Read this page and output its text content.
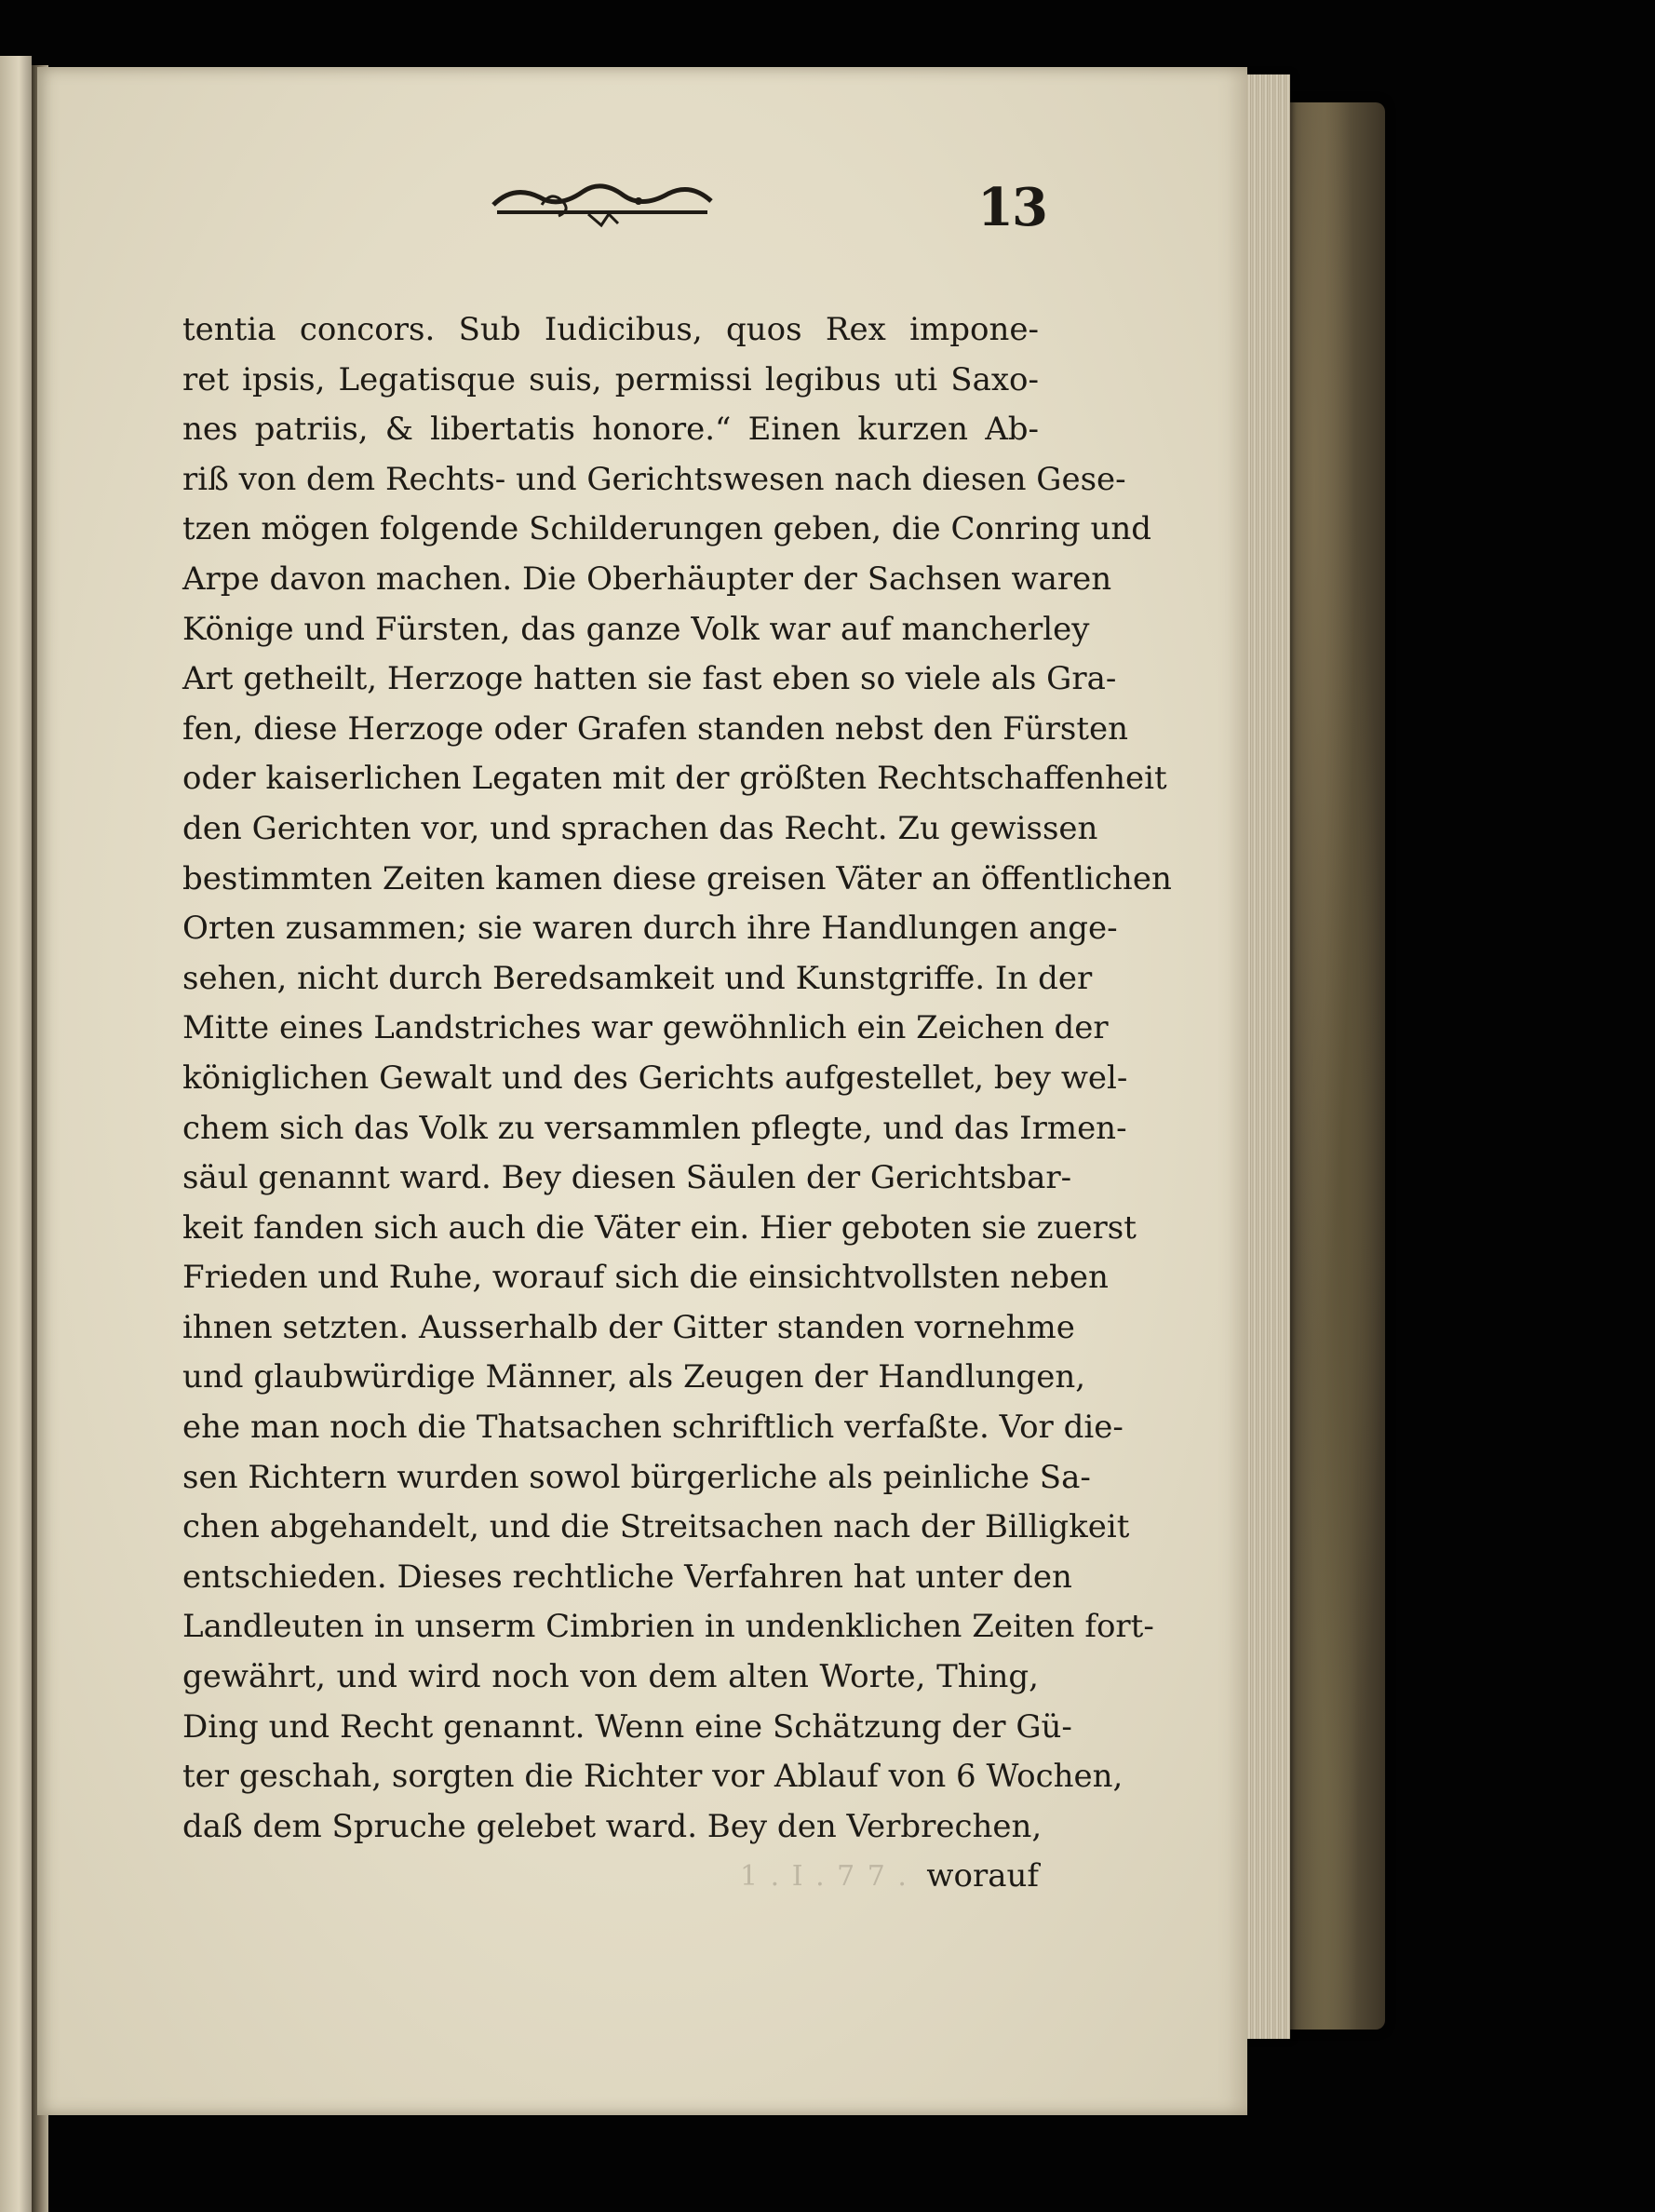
13
tentia concors. Sub Iudicibus, quos Rex impone-
ret ipsis, Legatisque suis, permissi legibus uti Saxo-
nes patriis, & libertatis honore.“ Einen kurzen Ab-
riß von dem Rechts- und Gerichtswesen nach diesen Gese-
tzen mögen folgende Schilderungen geben, die Conring und
Arpe davon machen. Die Oberhäupter der Sachsen waren
Könige und Fürsten, das ganze Volk war auf mancherley
Art getheilt, Herzoge hatten sie fast eben so viele als Gra-
fen, diese Herzoge oder Grafen standen nebst den Fürsten
oder kaiserlichen Legaten mit der größten Rechtschaffenheit
den Gerichten vor, und sprachen das Recht. Zu gewissen
bestimmten Zeiten kamen diese greisen Väter an öffentlichen
Orten zusammen; sie waren durch ihre Handlungen ange-
sehen, nicht durch Beredsamkeit und Kunstgriffe. In der
Mitte eines Landstriches war gewöhnlich ein Zeichen der
königlichen Gewalt und des Gerichts aufgestellet, bey wel-
chem sich das Volk zu versammlen pflegte, und das Irmen-
säul genannt ward. Bey diesen Säulen der Gerichtsbar-
keit fanden sich auch die Väter ein. Hier geboten sie zuerst
Frieden und Ruhe, worauf sich die einsichtvollsten neben
ihnen setzten. Ausserhalb der Gitter standen vornehme
und glaubwürdige Männer, als Zeugen der Handlungen,
ehe man noch die Thatsachen schriftlich verfaßte. Vor die-
sen Richtern wurden sowol bürgerliche als peinliche Sa-
chen abgehandelt, und die Streitsachen nach der Billigkeit
entschieden. Dieses rechtliche Verfahren hat unter den
Landleuten in unserm Cimbrien in undenklichen Zeiten fort-
gewährt, und wird noch von dem alten Worte, Thing,
Ding und Recht genannt. Wenn eine Schätzung der Gü-
ter geschah, sorgten die Richter vor Ablauf von 6 Wochen,
daß dem Spruche gelebet ward. Bey den Verbrechen,
worauf
1 . I . 7 7 .
